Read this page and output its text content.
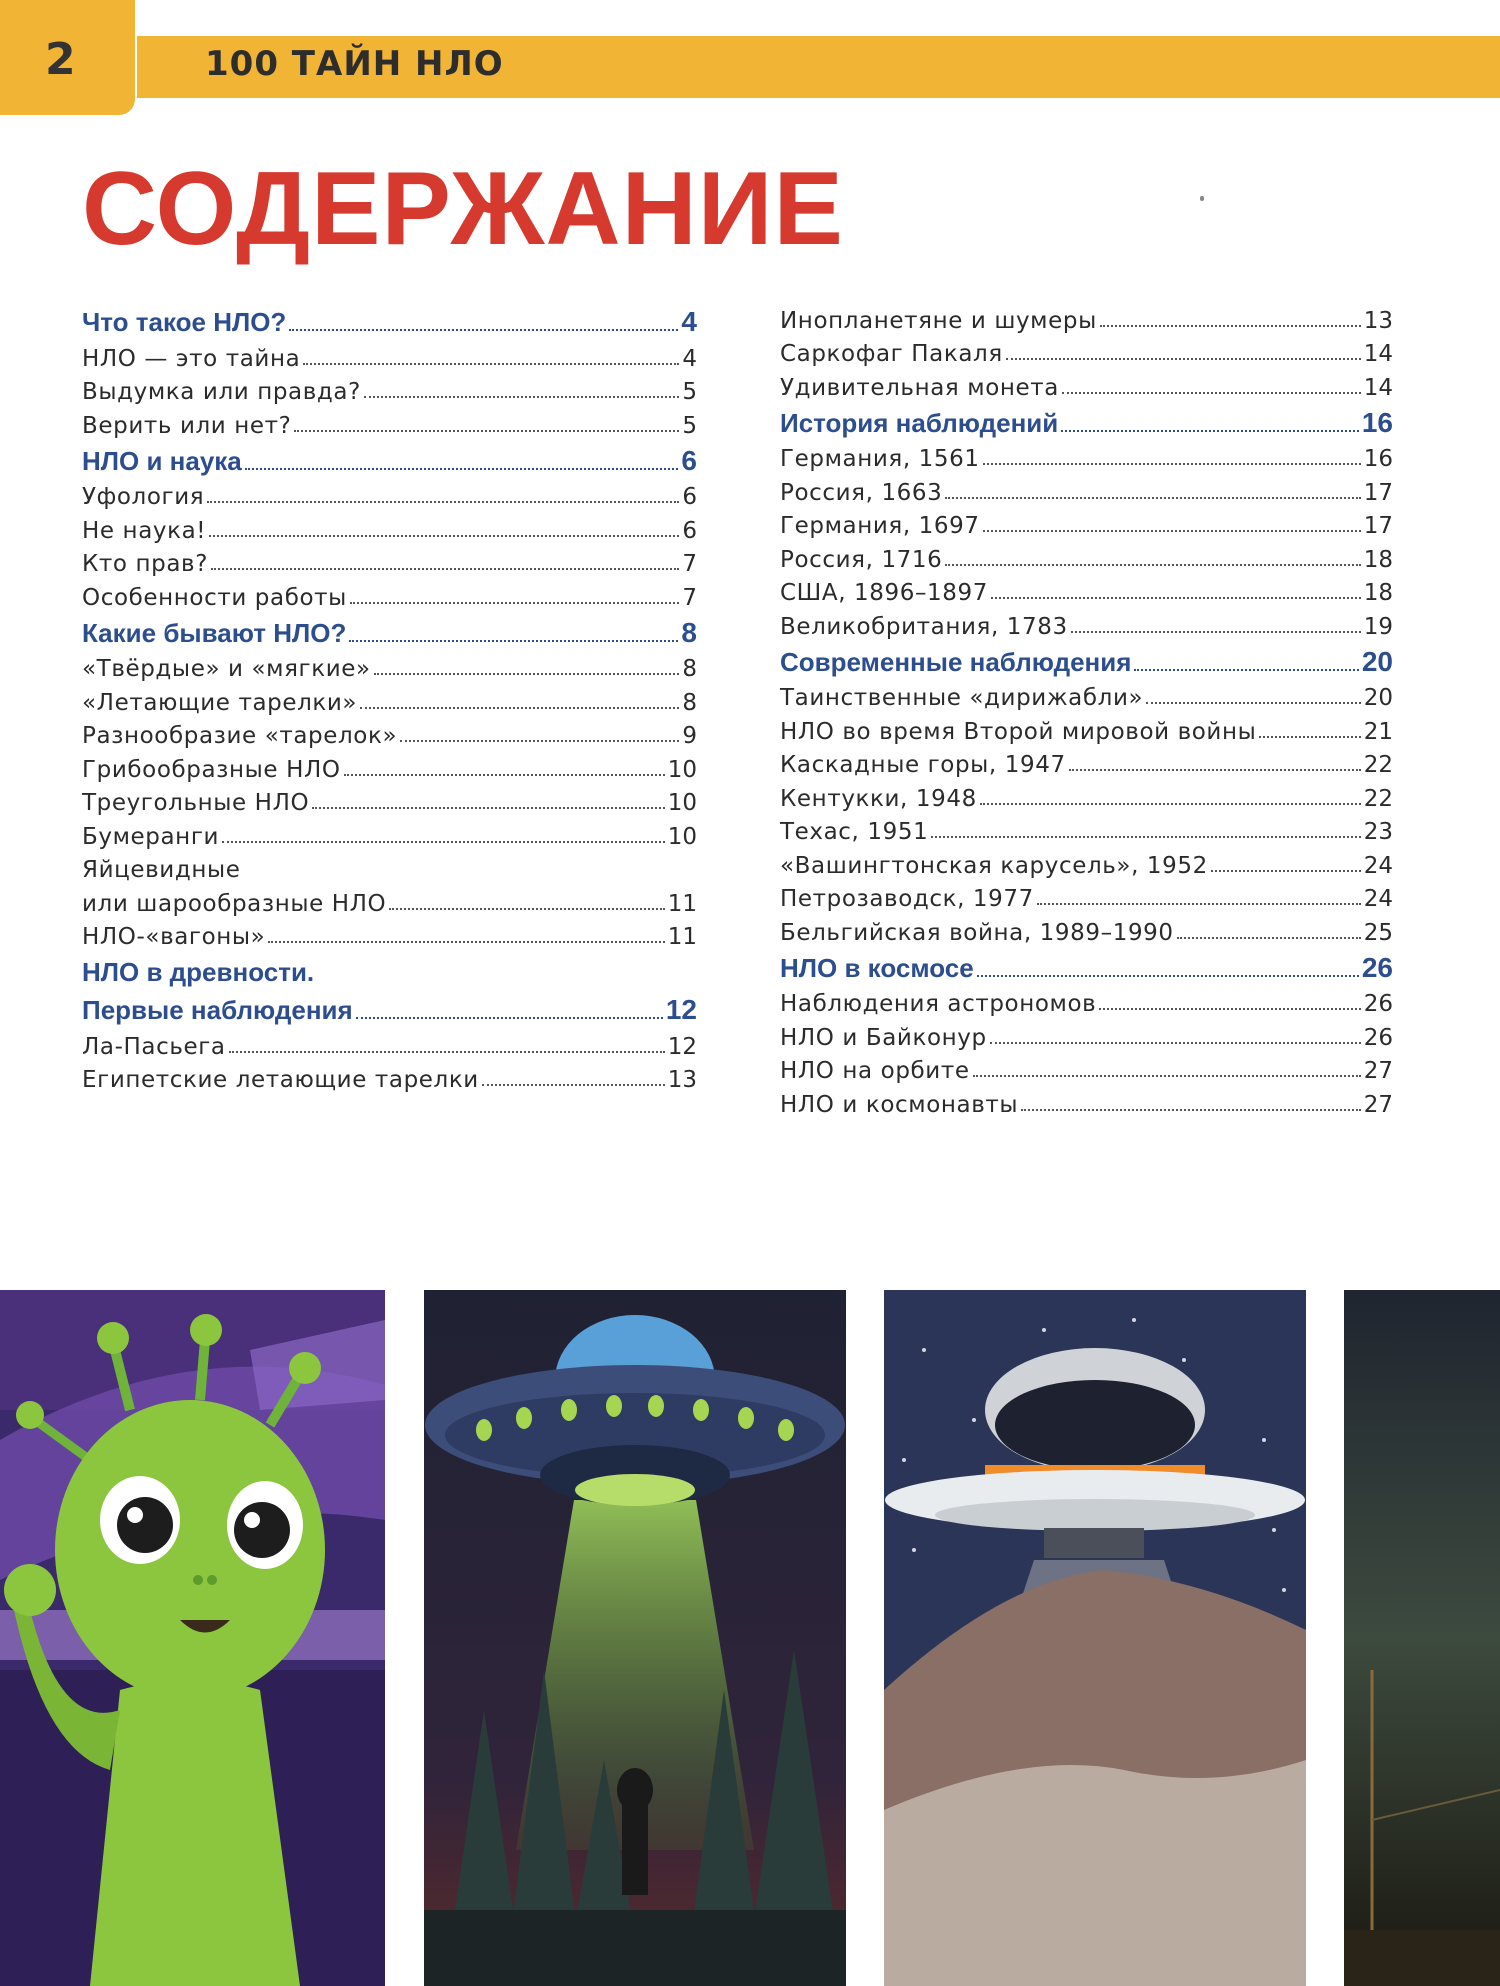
2	100 ТАЙН НЛО
СОДЕРЖАНИЕ
Что такое НЛО?	4
НЛО — это тайна	4
Выдумка или правда?	5
Верить или нет?	5
НЛО и наука	6
Уфология	6
Не наука!	6
Кто прав?	7
Особенности работы	7
Какие бывают НЛО?	8
«Твёрдые» и «мягкие»	8
«Летающие тарелки»	8
Разнообразие «тарелок»	9
Грибообразные НЛО	10
Треугольные НЛО	10
Бумеранги	10
Яйцевидные
или шарообразные НЛО	11
НЛО-«вагоны»	11
НЛО в древности.
Первые наблюдения	12
Ла-Пасьега	12
Египетские летающие тарелки	13
Инопланетяне и шумеры	13
Саркофаг Пакаля	14
Удивительная монета	14
История наблюдений	16
Германия, 1561	16
Россия, 1663	17
Германия, 1697	17
Россия, 1716	18
США, 1896–1897	18
Великобритания, 1783	19
Современные наблюдения	20
Таинственные «дирижабли»	20
НЛО во время Второй мировой войны	21
Каскадные горы, 1947	22
Кентукки, 1948	22
Техас, 1951	23
«Вашингтонская карусель», 1952	24
Петрозаводск, 1977	24
Бельгийская война, 1989–1990	25
НЛО в космосе	26
Наблюдения астрономов	26
НЛО и Байконур	26
НЛО на орбите	27
НЛО и космонавты	27
